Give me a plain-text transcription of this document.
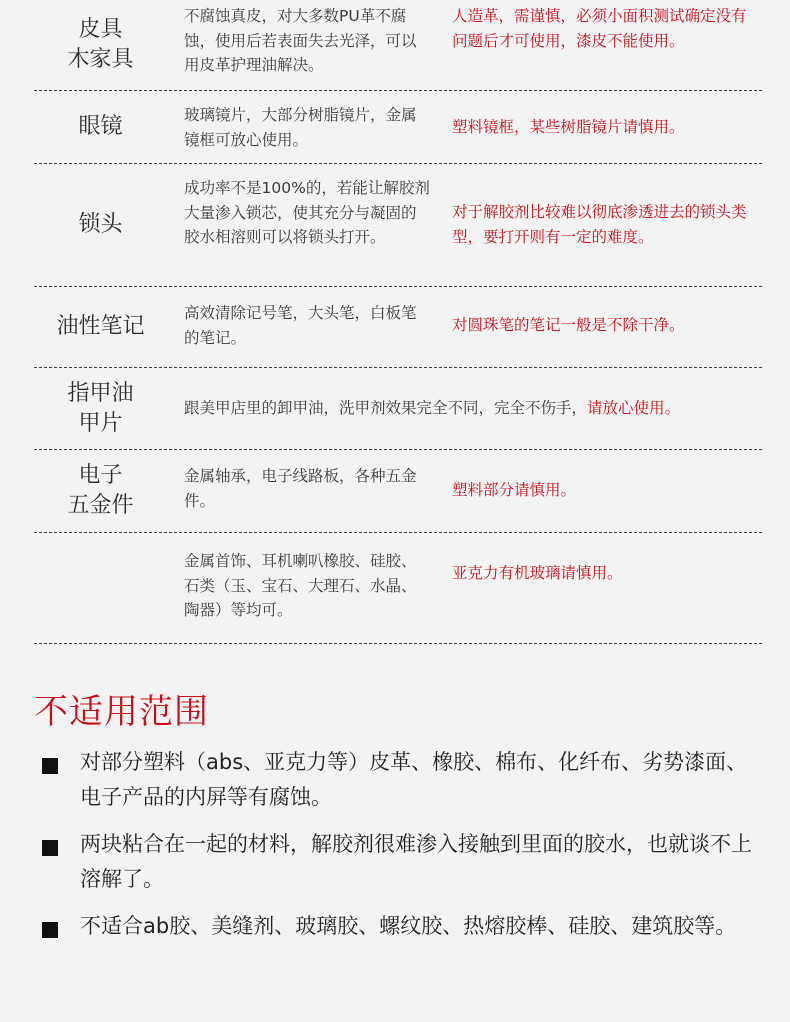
皮具
木家具
不腐蚀真皮，对大多数PU革不腐蚀，使用后若表面失去光泽，可以用皮革护理油解决。
人造革，需谨慎，必须小面积测试确定没有问题后才可使用，漆皮不能使用。
眼镜	玻璃镜片，大部分树脂镜片，金属镜框可放心使用。
塑料镜框，某些树脂镜片请慎用。
锁头
成功率不是100%的，若能让解胶剂大量渗入锁芯，使其充分与凝固的胶水相溶则可以将锁头打开。
对于解胶剂比较难以彻底渗透进去的锁头类型，要打开则有一定的难度。
油性笔记
高效清除记号笔，大头笔，白板笔的笔记。
对圆珠笔的笔记一般是不除干净。
指甲油
甲片
跟美甲店里的卸甲油，洗甲剂效果完全不同，完全不伤手，请放心使用。
电子
五金件
金属轴承，电子线路板，各种五金件。
塑料部分请慎用。
金属首饰、耳机喇叭橡胶、硅胶、石类（玉、宝石、大理石、水晶、陶器）等均可。
亚克力有机玻璃请慎用。
不适用范围
对部分塑料（abs、亚克力等）皮革、橡胶、棉布、化纤布、劣势漆面、电子产品的内屏等有腐蚀。
两块粘合在一起的材料，解胶剂很难渗入接触到里面的胶水，也就谈不上溶解了。
不适合ab胶、美缝剂、玻璃胶、螺纹胶、热熔胶棒、硅胶、建筑胶等。
